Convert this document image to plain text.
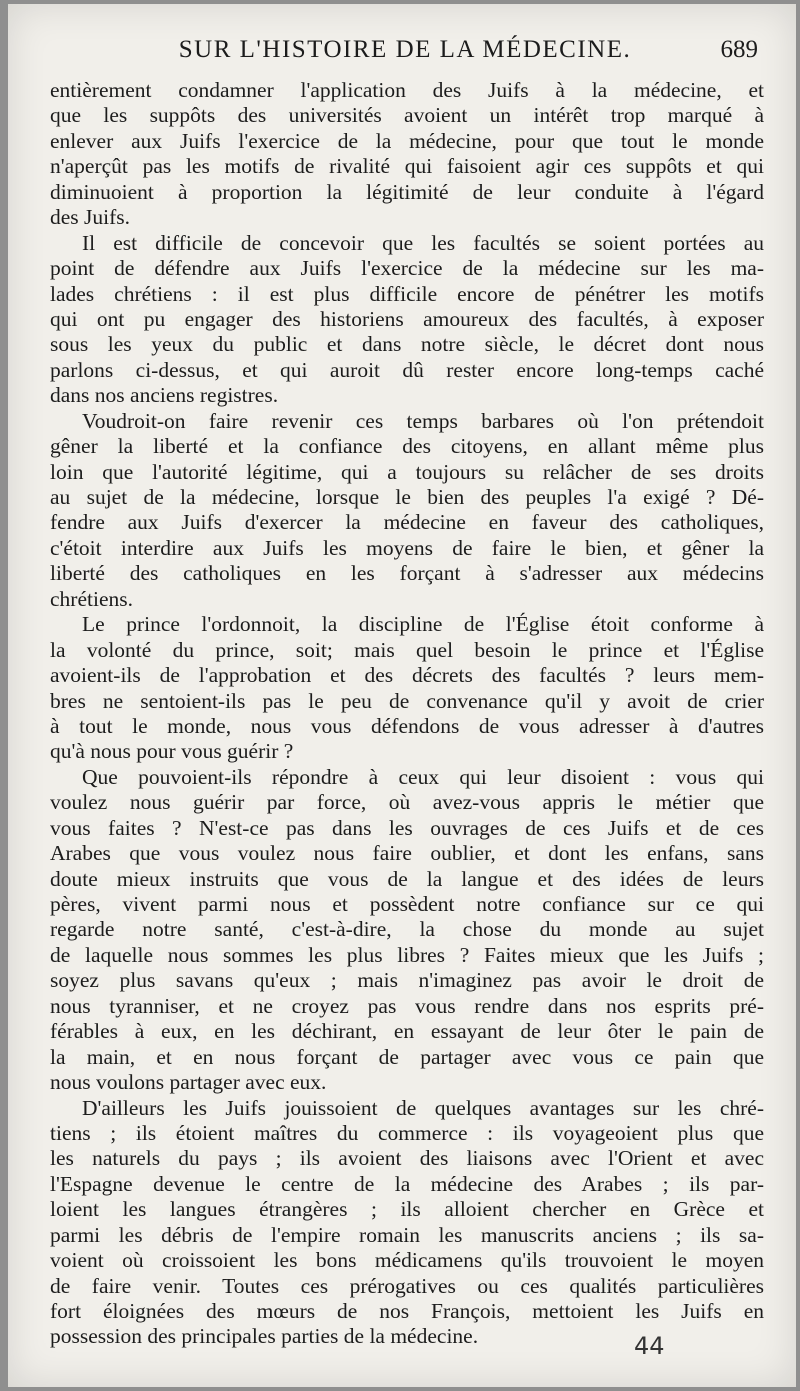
SUR L'HISTOIRE DE LA MÉDECINE.	689
entièrement condamner l'application des Juifs à la médecine, et
que les suppôts des universités avoient un intérêt trop marqué à
enlever aux Juifs l'exercice de la médecine, pour que tout le monde
n'aperçût pas les motifs de rivalité qui faisoient agir ces suppôts et qui
diminuoient à proportion la légitimité de leur conduite à l'égard
des Juifs.
Il est difficile de concevoir que les facultés se soient portées au
point de défendre aux Juifs l'exercice de la médecine sur les ma-
lades chrétiens : il est plus difficile encore de pénétrer les motifs
qui ont pu engager des historiens amoureux des facultés, à exposer
sous les yeux du public et dans notre siècle, le décret dont nous
parlons ci-dessus, et qui auroit dû rester encore long-temps caché
dans nos anciens registres.
Voudroit-on faire revenir ces temps barbares où l'on prétendoit
gêner la liberté et la confiance des citoyens, en allant même plus
loin que l'autorité légitime, qui a toujours su relâcher de ses droits
au sujet de la médecine, lorsque le bien des peuples l'a exigé ? Dé-
fendre aux Juifs d'exercer la médecine en faveur des catholiques,
c'étoit interdire aux Juifs les moyens de faire le bien, et gêner la
liberté des catholiques en les forçant à s'adresser aux médecins
chrétiens.
Le prince l'ordonnoit, la discipline de l'Église étoit conforme à
la volonté du prince, soit; mais quel besoin le prince et l'Église
avoient-ils de l'approbation et des décrets des facultés ? leurs mem-
bres ne sentoient-ils pas le peu de convenance qu'il y avoit de crier
à tout le monde, nous vous défendons de vous adresser à d'autres
qu'à nous pour vous guérir ?
Que pouvoient-ils répondre à ceux qui leur disoient : vous qui
voulez nous guérir par force, où avez-vous appris le métier que
vous faites ? N'est-ce pas dans les ouvrages de ces Juifs et de ces
Arabes que vous voulez nous faire oublier, et dont les enfans, sans
doute mieux instruits que vous de la langue et des idées de leurs
pères, vivent parmi nous et possèdent notre confiance sur ce qui
regarde notre santé, c'est-à-dire, la chose du monde au sujet
de laquelle nous sommes les plus libres ? Faites mieux que les Juifs ;
soyez plus savans qu'eux ; mais n'imaginez pas avoir le droit de
nous tyranniser, et ne croyez pas vous rendre dans nos esprits pré-
férables à eux, en les déchirant, en essayant de leur ôter le pain de
la main, et en nous forçant de partager avec vous ce pain que
nous voulons partager avec eux.
D'ailleurs les Juifs jouissoient de quelques avantages sur les chré-
tiens ; ils étoient maîtres du commerce : ils voyageoient plus que
les naturels du pays ; ils avoient des liaisons avec l'Orient et avec
l'Espagne devenue le centre de la médecine des Arabes ; ils par-
loient les langues étrangères ; ils alloient chercher en Grèce et
parmi les débris de l'empire romain les manuscrits anciens ; ils sa-
voient où croissoient les bons médicamens qu'ils trouvoient le moyen
de faire venir. Toutes ces prérogatives ou ces qualités particulières
fort éloignées des mœurs de nos François, mettoient les Juifs en
possession des principales parties de la médecine.	44
